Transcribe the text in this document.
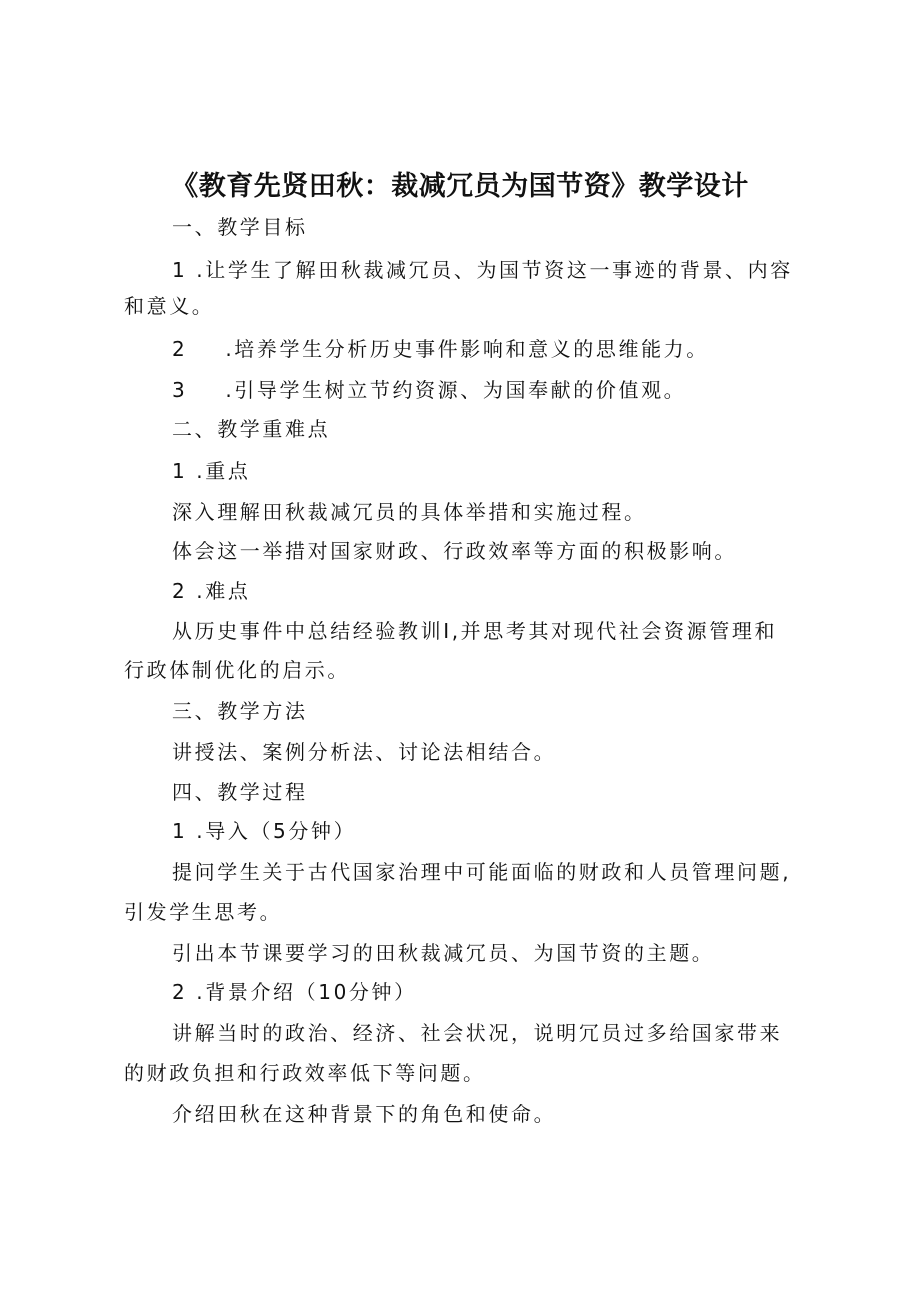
《教育先贤田秋：裁减冗员为国节资》教学设计
一、教学目标
1 .让学生了解田秋裁减冗员、为国节资这一事迹的背景、内容
和意义。
2 .培养学生分析历史事件影响和意义的思维能力。
3 .引导学生树立节约资源、为国奉献的价值观。
二、教学重难点
1 .重点
深入理解田秋裁减冗员的具体举措和实施过程。
体会这一举措对国家财政、行政效率等方面的积极影响。
2 .难点
从历史事件中总结经验教训I,并思考其对现代社会资源管理和
行政体制优化的启示。
三、教学方法
讲授法、案例分析法、讨论法相结合。
四、教学过程
1 .导入（5分钟）
提问学生关于古代国家治理中可能面临的财政和人员管理问题,
引发学生思考。
引出本节课要学习的田秋裁减冗员、为国节资的主题。
2 .背景介绍（10分钟）
讲解当时的政治、经济、社会状况，说明冗员过多给国家带来
的财政负担和行政效率低下等问题。
介绍田秋在这种背景下的角色和使命。
